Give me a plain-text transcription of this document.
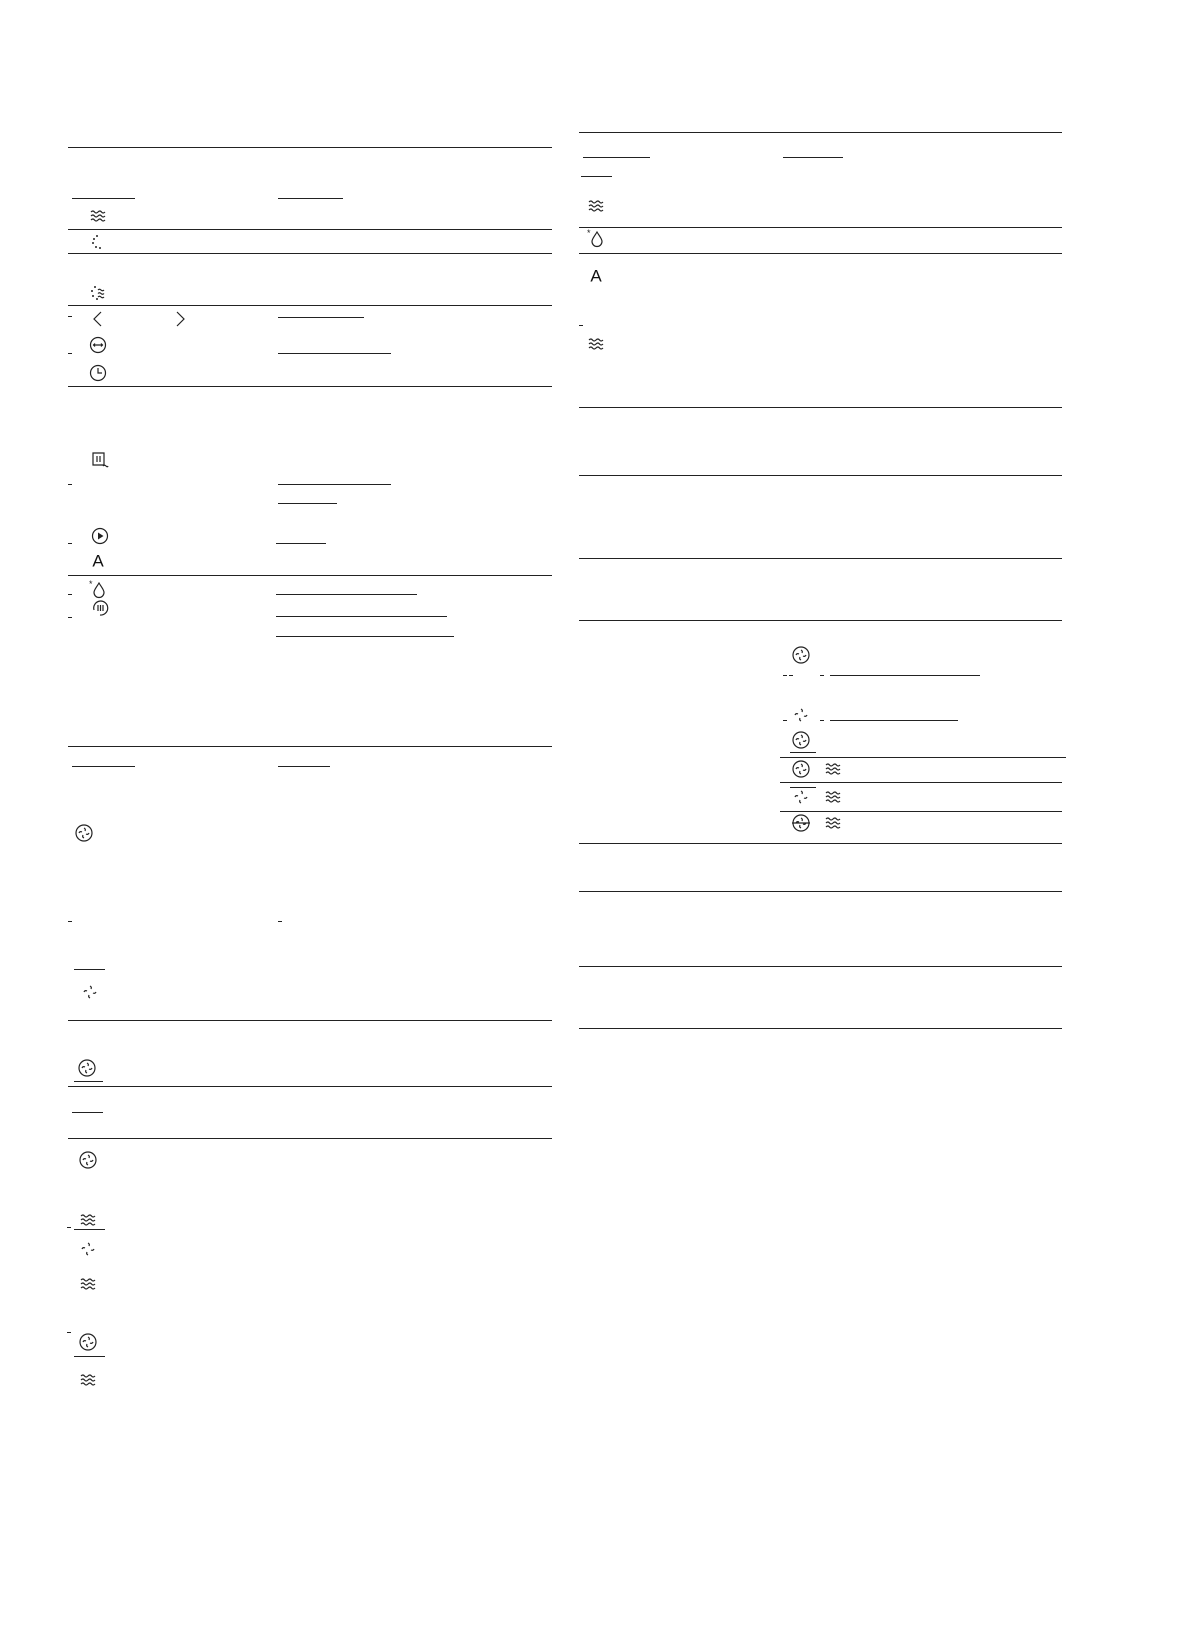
A
*
*
A
